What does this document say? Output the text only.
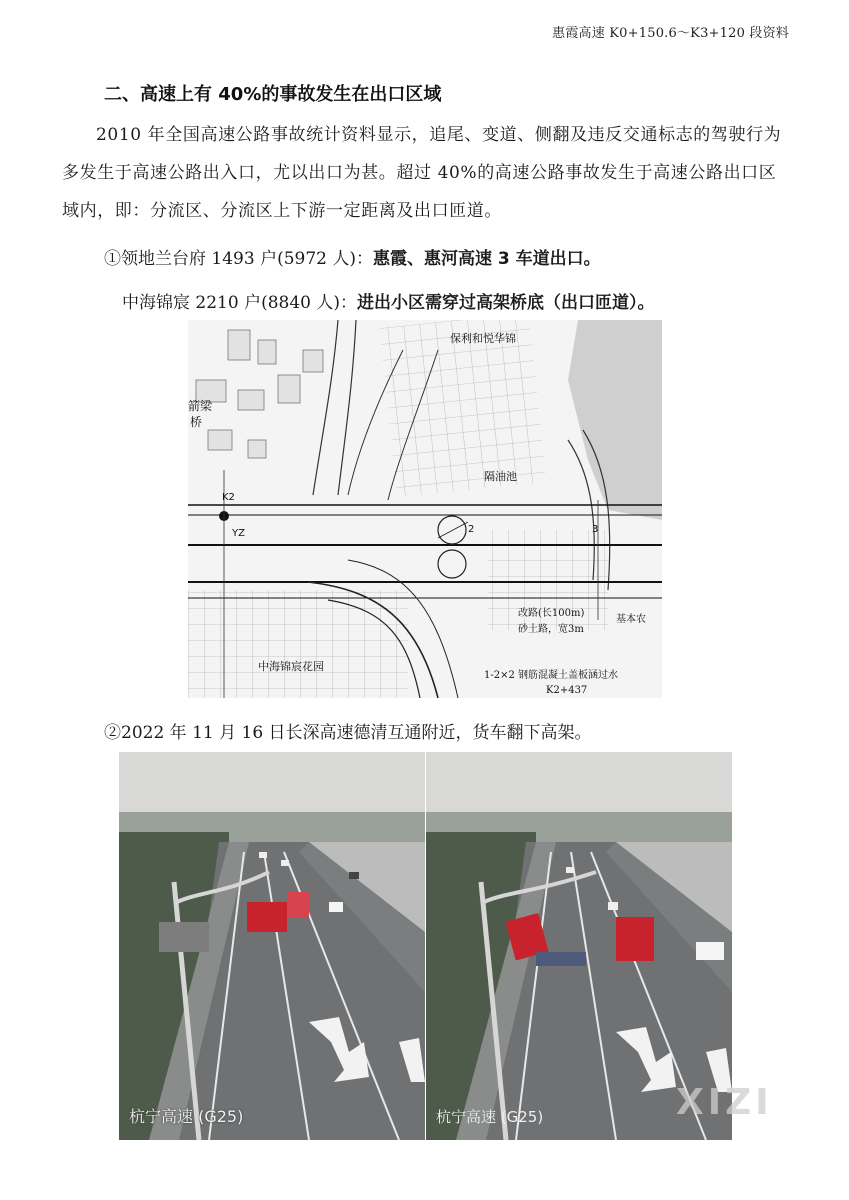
惠霞高速 K0+150.6～K3+120 段资料
二、高速上有 40%的事故发生在出口区域

2010 年全国高速公路事故统计资料显示，追尾、变道、侧翻及违反交通标志的驾驶行为多发生于高速公路出入口，尤以出口为甚。超过 40%的高速公路事故发生于高速公路出口区域内，即：分流区、分流区上下游一定距离及出口匝道。

①领地兰台府 1493 户(5972 人)：惠霞、惠河高速 3 车道出口。
中海锦宸 2210 户(8840 人)：进出小区需穿过高架桥底（出口匝道）。
保利和悦华锦
隔油池
中海锦宸花园
改路(长100m)
砂土路，宽3m
1-2×2 钢筋混凝土盖板涵过水
K2+437
K2
YZ
基本农
箭梁
桥
3
2
②2022 年 11 月 16 日长深高速德清互通附近，货车翻下高架。
杭宁高速 (G25)	杭宁高速 (G25)	XIZI
